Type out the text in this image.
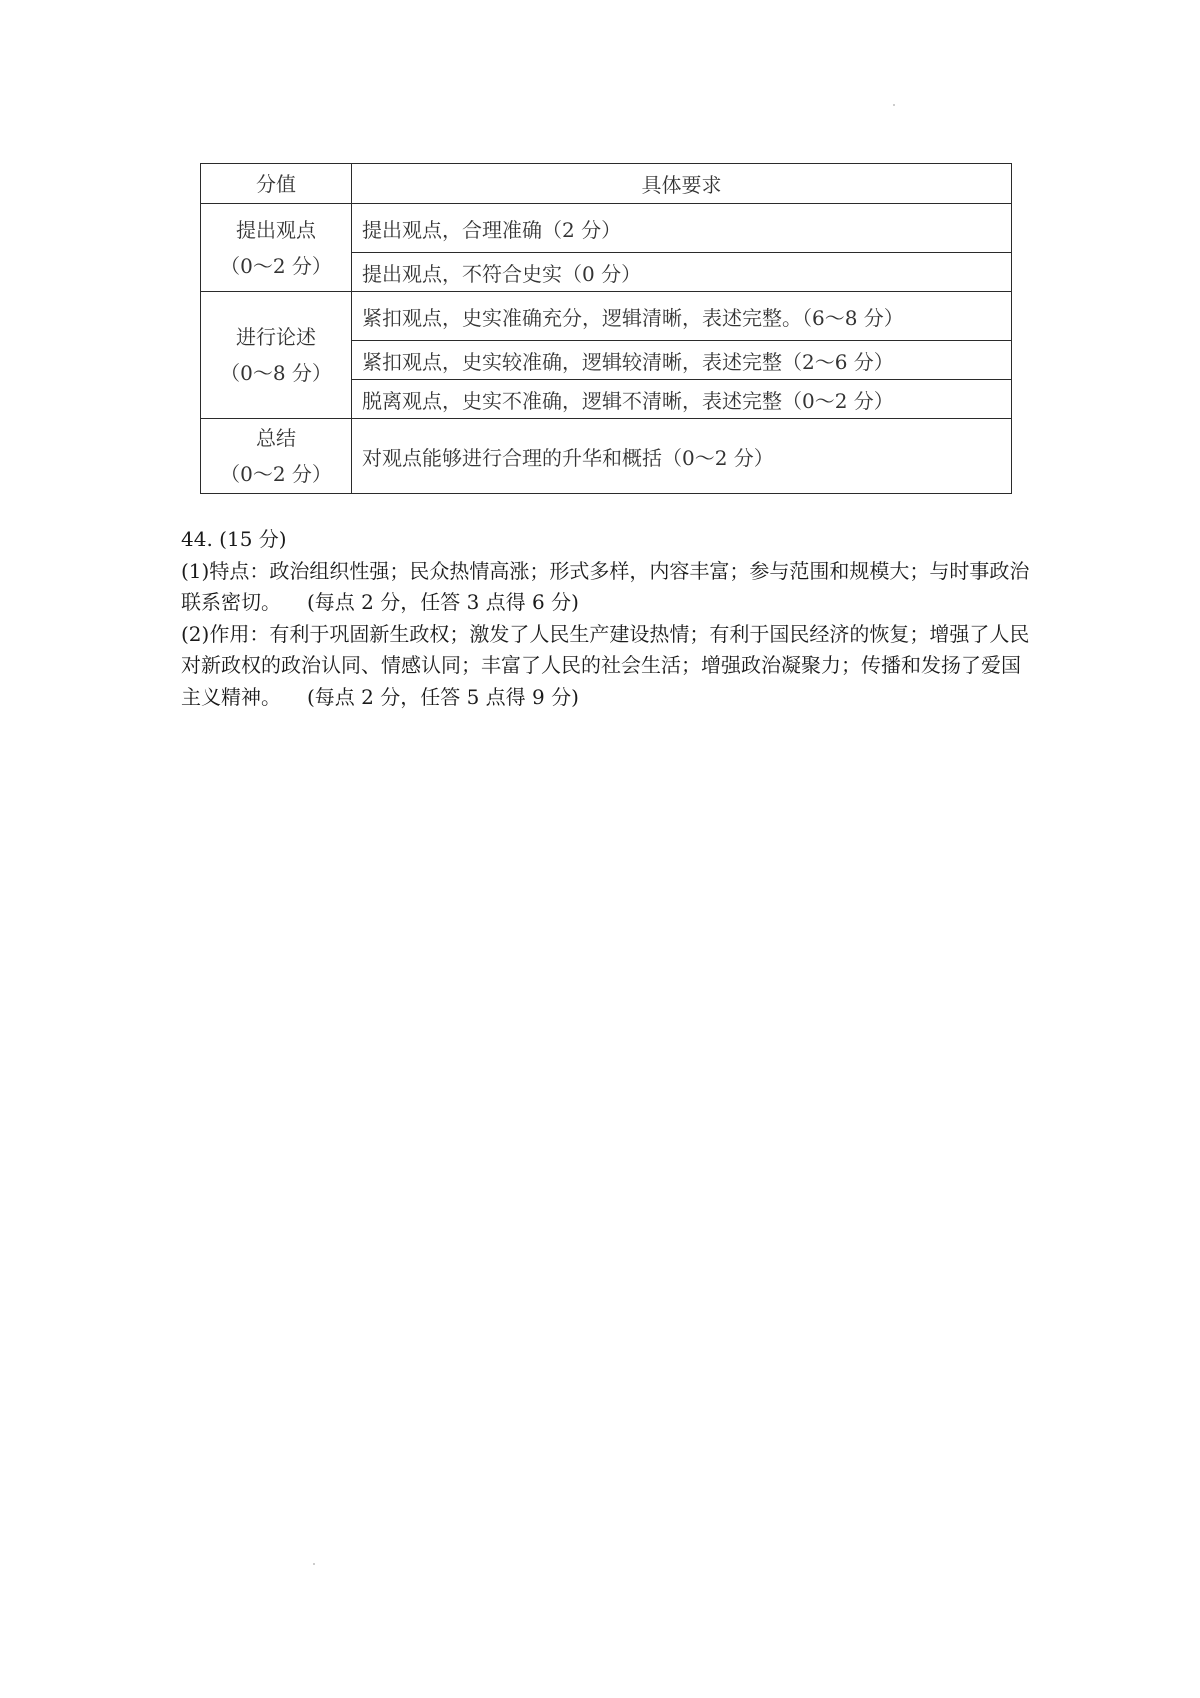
分值	具体要求

提出观点
（0～2 分）	提出观点，合理准确（2 分）
	提出观点，不符合史实（0 分）

进行论述
（0～8 分）	紧扣观点，史实准确充分，逻辑清晰，表述完整。（6～8 分）
	紧扣观点，史实较准确，逻辑较清晰，表述完整（2～6 分）
	脱离观点，史实不准确，逻辑不清晰，表述完整（0～2 分）

总结
（0～2 分）	对观点能够进行合理的升华和概括（0～2 分）

44. (15 分)

(1)特点：政治组织性强；民众热情高涨；形式多样，内容丰富；参与范围和规模大；与时事政治联系密切。 (每点 2 分，任答 3 点得 6 分)

(2)作用：有利于巩固新生政权；激发了人民生产建设热情；有利于国民经济的恢复；增强了人民对新政权的政治认同、情感认同；丰富了人民的社会生活；增强政治凝聚力；传播和发扬了爱国主义精神。 (每点 2 分，任答 5 点得 9 分)
